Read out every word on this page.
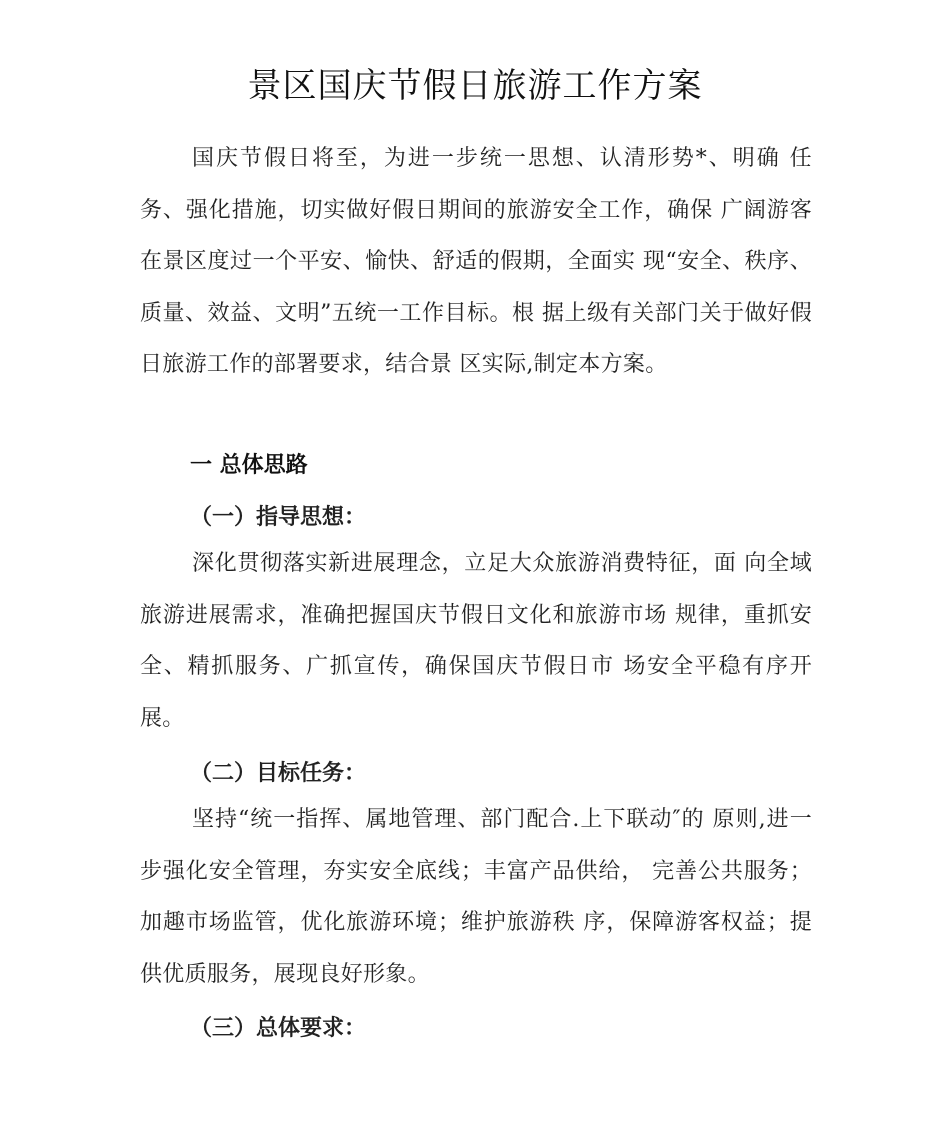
景区国庆节假日旅游工作方案

国庆节假日将至，为进一步统一思想、认清形势*、明确 任务、强化措施，切实做好假日期间的旅游安全工作，确保 广阔游客在景区度过一个平安、愉快、舒适的假期，全面实 现“安全、秩序、质量、效益、文明”五统一工作目标。根 据上级有关部门关于做好假日旅游工作的部署要求，结合景 区实际,制定本方案。

一 总体思路
（一）指导思想：

深化贯彻落实新进展理念，立足大众旅游消费特征，面 向全域旅游进展需求，准确把握国庆节假日文化和旅游市场 规律，重抓安全、精抓服务、广抓宣传，确保国庆节假日市 场安全平稳有序开展。

（二）目标任务：

坚持“统一指挥、属地管理、部门配合.上下联动″的 原则,进一步强化安全管理，夯实安全底线；丰富产品供给， 完善公共服务；加趣市场监管，优化旅游环境；维护旅游秩 序，保障游客权益；提供优质服务，展现良好形象。

（三）总体要求：
